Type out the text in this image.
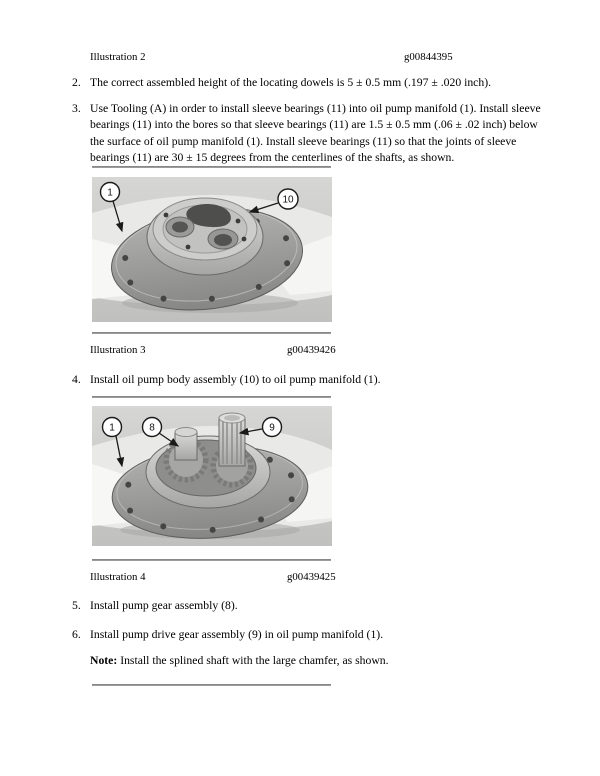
Illustration 2	g00844395
2. The correct assembled height of the locating dowels is 5 ± 0.5 mm (.197 ± .020 inch).
3. Use Tooling (A) in order to install sleeve bearings (11) into oil pump manifold (1). Install sleeve bearings (11) into the bores so that sleeve bearings (11) are 1.5 ± 0.5 mm (.06 ± .02 inch) below the surface of oil pump manifold (1). Install sleeve bearings (11) so that the joints of sleeve bearings (11) are 30 ± 15 degrees from the centerlines of the shafts, as shown.
1
10
Illustration 3	g00439426
4. Install oil pump body assembly (10) to oil pump manifold (1).
1	8	9
Illustration 4	g00439425
5. Install pump gear assembly (8).
6. Install pump drive gear assembly (9) in oil pump manifold (1).
Note: Install the splined shaft with the large chamfer, as shown.
